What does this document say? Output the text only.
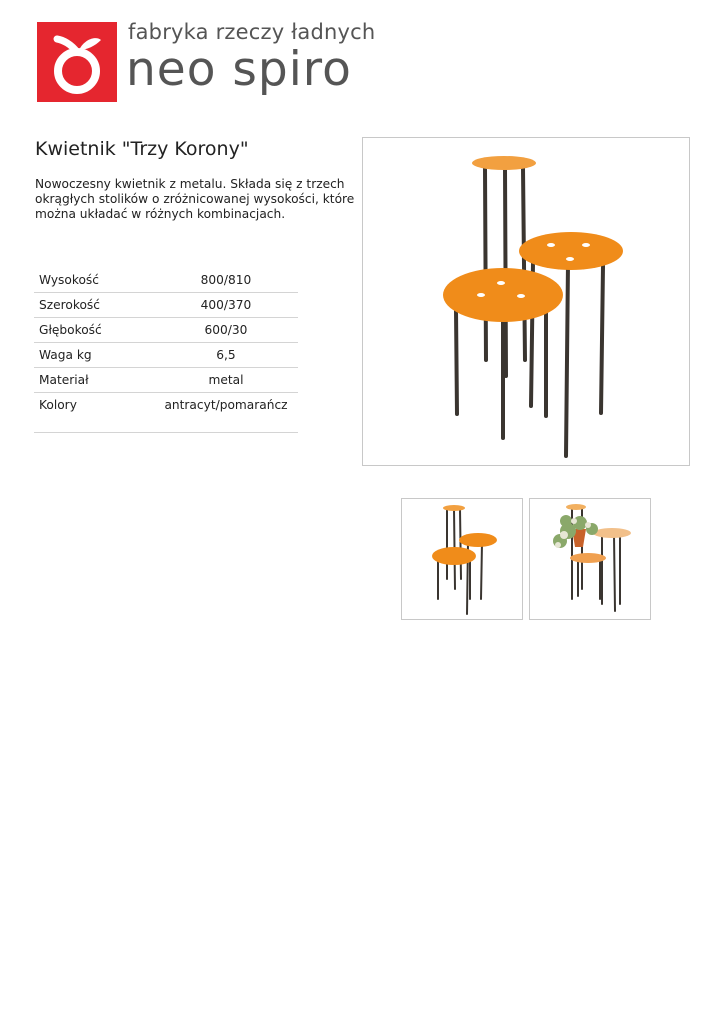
fabryka rzeczy ładnych
neo spiro
Kwietnik "Trzy Korony"

Nowoczesny kwietnik z metalu. Składa się z trzech okrągłych stolików o zróżnicowanej wysokości, które można układać w różnych kombinacjach.

Wysokość	800/810
Szerokość	400/370
Głębokość	600/30
Waga kg	6,5
Materiał	metal
Kolory	antracyt/pomarańcz
